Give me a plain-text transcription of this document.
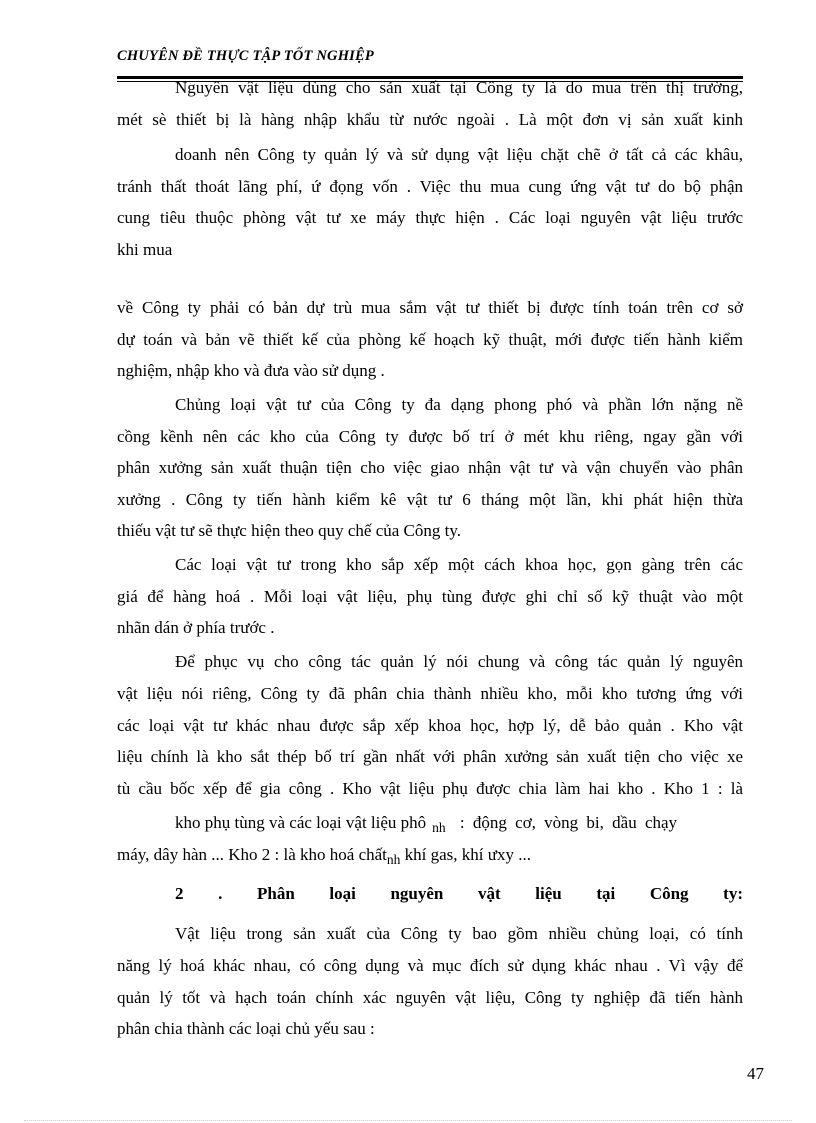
CHUYÊN ĐỀ THỰC TẬP TỐT NGHIỆP
Nguyên vật liệu dùng cho sản xuất tại Công ty là do mua trên thị trường,
mét sè thiết bị là hàng nhập khẩu từ nước ngoài . Là một đơn vị sản xuất kinh
doanh nên Công ty quản lý và sử dụng vật liệu chặt chẽ ở tất cả các khâu,
tránh thất thoát lãng phí, ứ đọng vốn . Việc thu mua cung ứng vật tư do bộ phận
cung tiêu thuộc phòng vật tư xe máy thực hiện . Các loại nguyên vật liệu trước
khi mua
về Công ty phải có bản dự trù mua sắm vật tư thiết bị được tính toán trên cơ sở
dự toán và bản vẽ thiết kế của phòng kế hoạch kỹ thuật, mới được tiến hành kiểm
nghiệm, nhập kho và đưa vào sử dụng .
Chủng loại vật tư của Công ty đa dạng phong phó và phần lớn nặng nề
cồng kềnh nên các kho của Công ty được bố trí ở mét khu riêng, ngay gần với
phân xưởng sản xuất thuận tiện cho việc giao nhận vật tư và vận chuyển vào phân
xưởng . Công ty tiến hành kiểm kê vật tư 6 tháng một lần, khi phát hiện thừa
thiếu vật tư sẽ thực hiện theo quy chế của Công ty.
Các loại vật tư trong kho sắp xếp một cách khoa học, gọn gàng trên các
giá để hàng hoá . Mỗi loại vật liệu, phụ tùng được ghi chỉ số kỹ thuật vào một
nhãn dán ở phía trước .
Để phục vụ cho công tác quản lý nói chung và công tác quản lý nguyên
vật liệu nói riêng, Công ty đã phân chia thành nhiều kho, mỗi kho tương ứng với
các loại vật tư khác nhau được sắp xếp khoa học, hợp lý, dễ bảo quản . Kho vật
liệu chính là kho sắt thép bố trí gần nhất với phân xưởng sản xuất tiện cho việc xe
tù cầu bốc xếp để gia công . Kho vật liệu phụ được chia làm hai kho . Kho 1 : là
kho phụ tùng và các loại vật liệu phô $_{nh}$ : động cơ, vòng bi, dầu chạy
máy, dây hàn ... Kho 2 : là kho hoá chất$_{nh}$ khí gas, khí ưxy ...
2 . Phân loại nguyên vật liệu tại Công ty:
Vật liệu trong sản xuất của Công ty bao gồm nhiều chủng loại, có tính
năng lý hoá khác nhau, có công dụng và mục đích sử dụng khác nhau . Vì vậy để
quản lý tốt và hạch toán chính xác nguyên vật liệu, Công ty nghiệp đã tiến hành
phân chia thành các loại chủ yếu sau :
47
